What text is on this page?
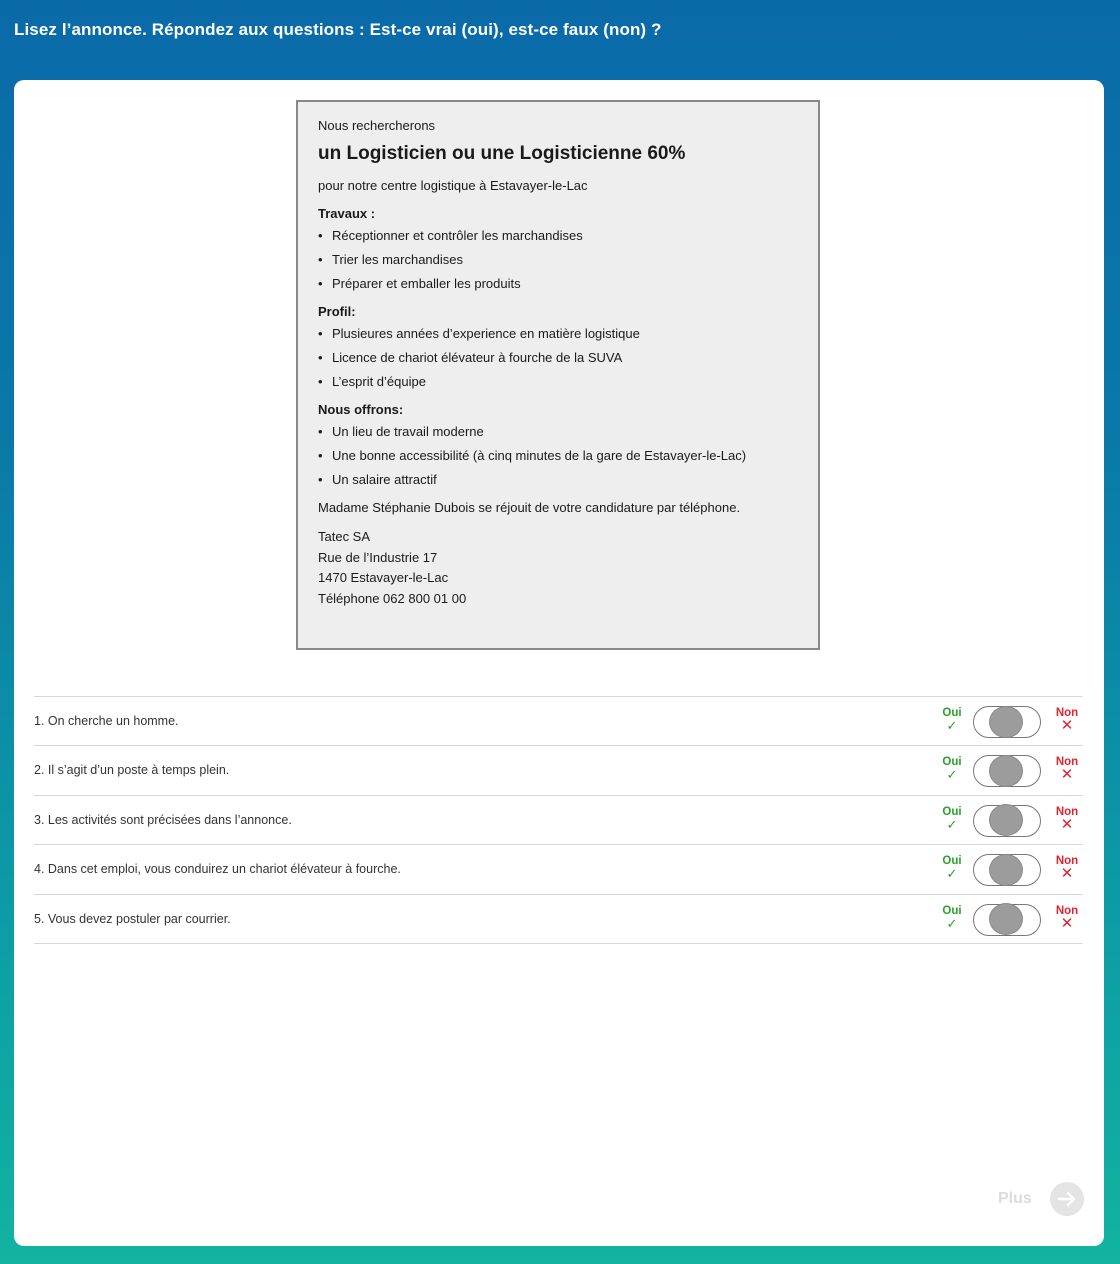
Lisez l’annonce. Répondez aux questions : Est-ce vrai (oui), est-ce faux (non) ?
Nous rechercherons
un Logisticien ou une Logisticienne 60%
pour notre centre logistique à Estavayer-le-Lac
Travaux :
• Réceptionner et contrôler les marchandises
• Trier les marchandises
• Préparer et emballer les produits
Profil:
• Plusieures années d’experience en matière logistique
• Licence de chariot élévateur à fourche de la SUVA
• L’esprit d’équipe
Nous offrons:
• Un lieu de travail moderne
• Une bonne accessibilité (à cinq minutes de la gare de Estavayer-le-Lac)
• Un salaire attractif
Madame Stéphanie Dubois se réjouit de votre candidature par téléphone.
Tatec SA
Rue de l’Industrie 17
1470 Estavayer-le-Lac
Téléphone 062 800 01 00
1. On cherche un homme.
Oui
✓
Non
✕
2. Il s’agit d’un poste à temps plein.
Oui
✓
Non
✕
3. Les activités sont précisées dans l’annonce.
Oui
✓
Non
✕
4. Dans cet emploi, vous conduirez un chariot élévateur à fourche.
Oui
✓
Non
✕
5. Vous devez postuler par courrier.
Oui
✓
Non
✕
Plus
